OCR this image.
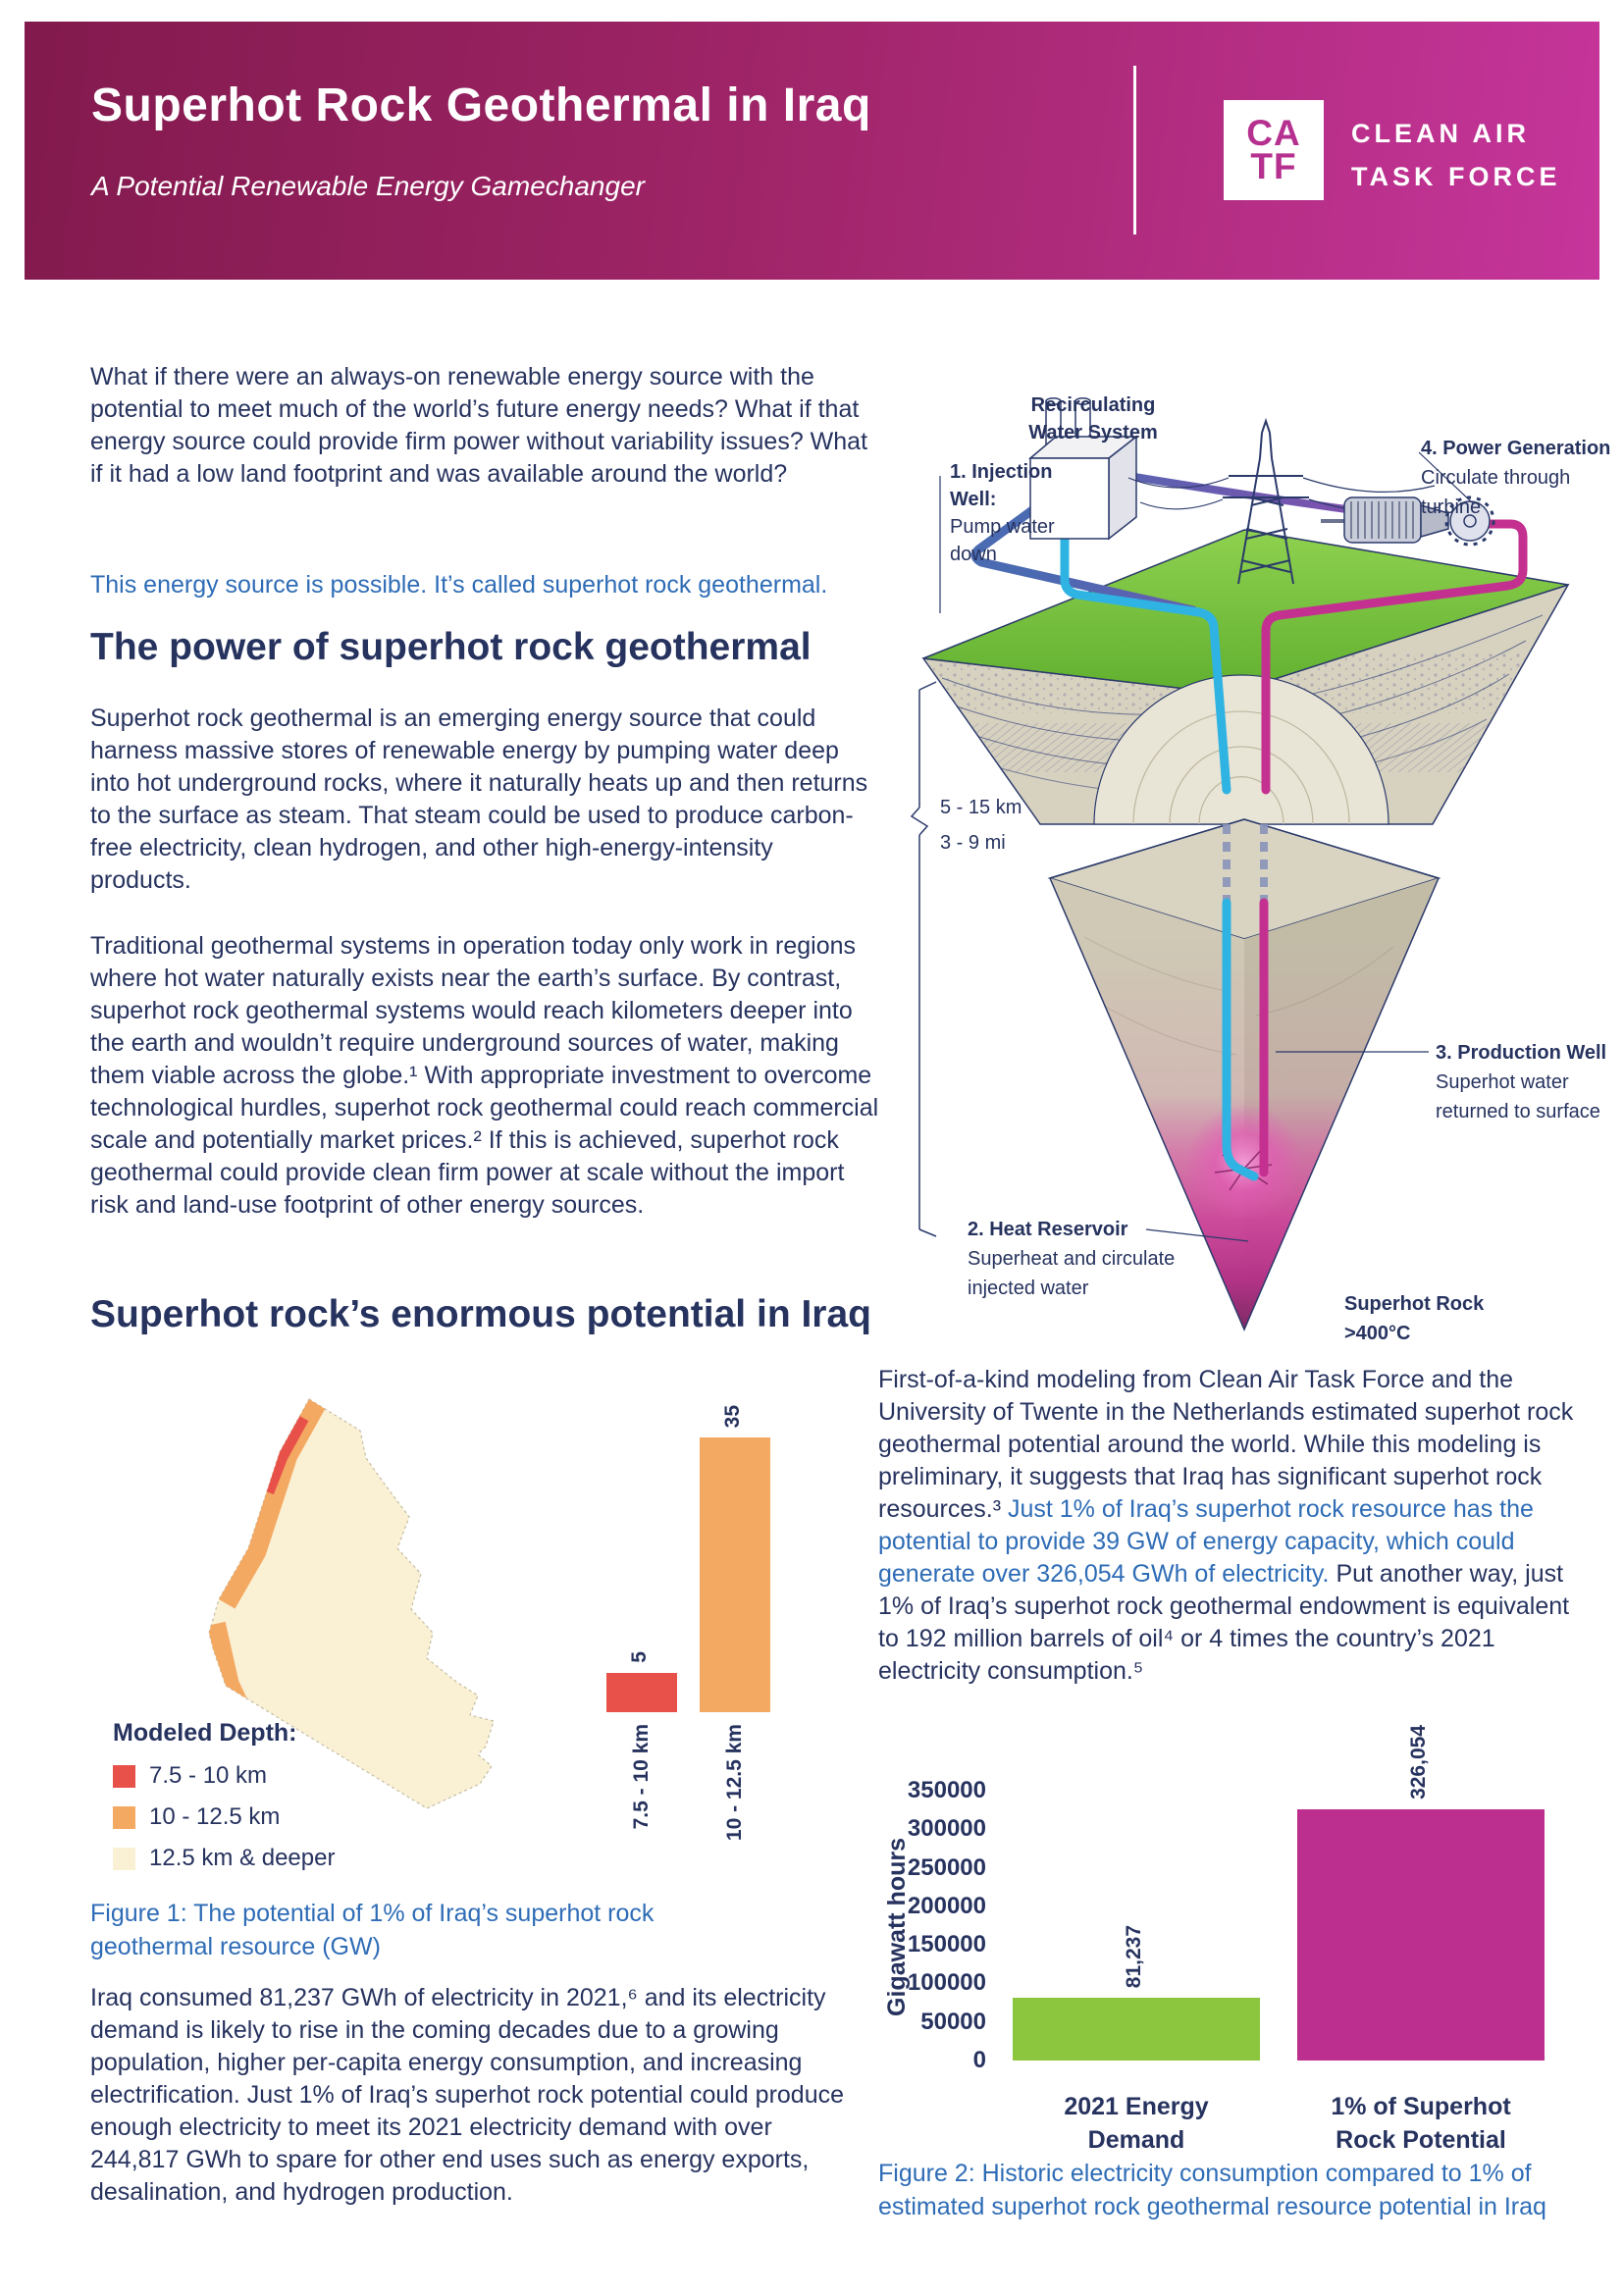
Superhot Rock Geothermal in Iraq
A Potential Renewable Energy Gamechanger
CA
TF
CLEAN AIR
TASK FORCE
What if there were an always-on renewable energy source with the potential to meet much of the world’s future energy needs? What if that energy source could provide firm power without variability issues? What if it had a low land footprint and was available around the world?
This energy source is possible. It’s called superhot rock geothermal.
The power of superhot rock geothermal
Superhot rock geothermal is an emerging energy source that could harness massive stores of renewable energy by pumping water deep into hot underground rocks, where it naturally heats up and then returns to the surface as steam. That steam could be used to produce carbon-free electricity, clean hydrogen, and other high-energy-intensity products.
Traditional geothermal systems in operation today only work in regions where hot water naturally exists near the earth’s surface. By contrast, superhot rock geothermal systems would reach kilometers deeper into the earth and wouldn’t require underground sources of water, making them viable across the globe.¹ With appropriate investment to overcome technological hurdles, superhot rock geothermal could reach commercial scale and potentially market prices.² If this is achieved, superhot rock geothermal could provide clean firm power at scale without the import risk and land-use footprint of other energy sources.
Superhot rock’s enormous potential in Iraq
Modeled Depth:
7.5 - 10 km
10 - 12.5 km
12.5 km & deeper
5
35
7.5 - 10 km	10 - 12.5 km
Figure 1: The potential of 1% of Iraq’s superhot rock geothermal resource (GW)
Iraq consumed 81,237 GWh of electricity in 2021,⁶ and its electricity demand is likely to rise in the coming decades due to a growing population, higher per-capita energy consumption, and increasing electrification. Just 1% of Iraq’s superhot rock potential could produce enough electricity to meet its 2021 electricity demand with over 244,817 GWh to spare for other end uses such as energy exports, desalination, and hydrogen production.
Recirculating
Water System
1. Injection
Well:
Pump water
down
4. Power Generation
Circulate through
turbine
5 - 15 km
3 - 9 mi
3. Production Well
Superhot water
returned to surface
2. Heat Reservoir
Superheat and circulate
injected water
Superhot Rock
>400°C
First-of-a-kind modeling from Clean Air Task Force and the University of Twente in the Netherlands estimated superhot rock geothermal potential around the world. While this modeling is preliminary, it suggests that Iraq has significant superhot rock resources.³ Just 1% of Iraq’s superhot rock resource has the potential to provide 39 GW of energy capacity, which could generate over 326,054 GWh of electricity. Put another way, just 1% of Iraq’s superhot rock geothermal endowment is equivalent to 192 million barrels of oil⁴ or 4 times the country’s 2021 electricity consumption.⁵
Gigawatt hours
0
50000
100000
150000
200000
250000
300000
350000
81,237
326,054
2021 Energy
Demand
1% of Superhot
Rock Potential
Figure 2: Historic electricity consumption compared to 1% of estimated superhot rock geothermal resource potential in Iraq
